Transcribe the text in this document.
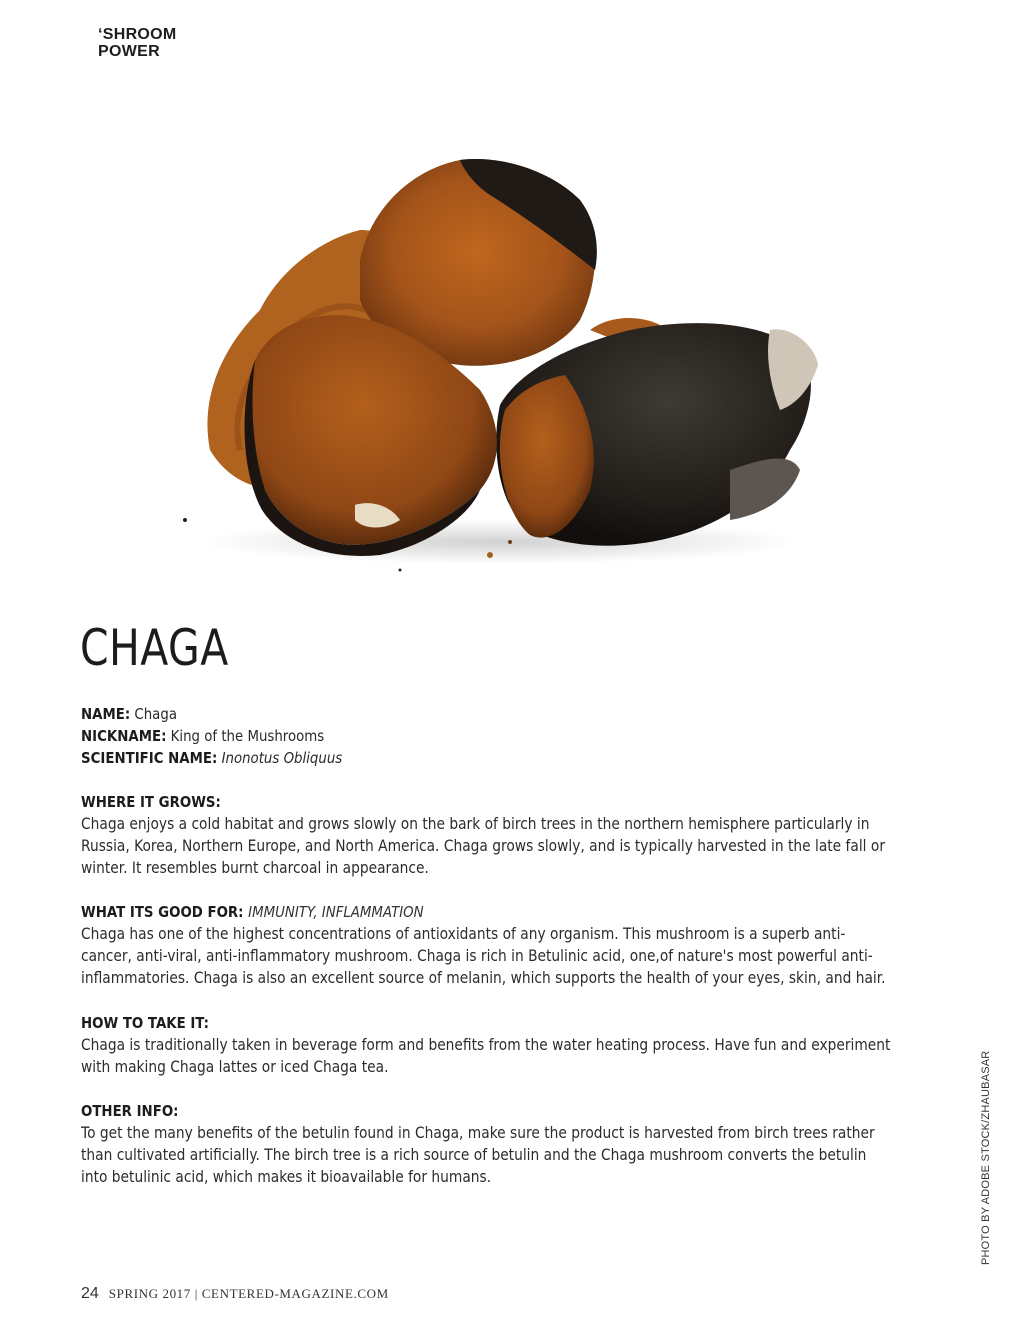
‘SHROOM
POWER
CHAGA
NAME: Chaga
NICKNAME: King of the Mushrooms
SCIENTIFIC NAME: Inonotus Obliquus
WHERE IT GROWS:
Chaga enjoys a cold habitat and grows slowly on the bark of birch trees in the northern hemisphere particularly in
Russia, Korea, Northern Europe, and North America. Chaga grows slowly, and is typically harvested in the late fall or
winter. It resembles burnt charcoal in appearance.
WHAT ITS GOOD FOR: IMMUNITY, INFLAMMATION
Chaga has one of the highest concentrations of antioxidants of any organism. This mushroom is a superb anti-
cancer, anti-viral, anti-inflammatory mushroom. Chaga is rich in Betulinic acid, one,of nature's most powerful anti-
inflammatories. Chaga is also an excellent source of melanin, which supports the health of your eyes, skin, and hair.
HOW TO TAKE IT:
Chaga is traditionally taken in beverage form and benefits from the water heating process. Have fun and experiment
with making Chaga lattes or iced Chaga tea.
OTHER INFO:
To get the many benefits of the betulin found in Chaga, make sure the product is harvested from birch trees rather
than cultivated artificially. The birch tree is a rich source of betulin and the Chaga mushroom converts the betulin
into betulinic acid, which makes it bioavailable for humans.	PHOTO BY ADOBE STOCK/ZHAUBASAR
24 SPRING 2017 | CENTERED-MAGAZINE.COM
